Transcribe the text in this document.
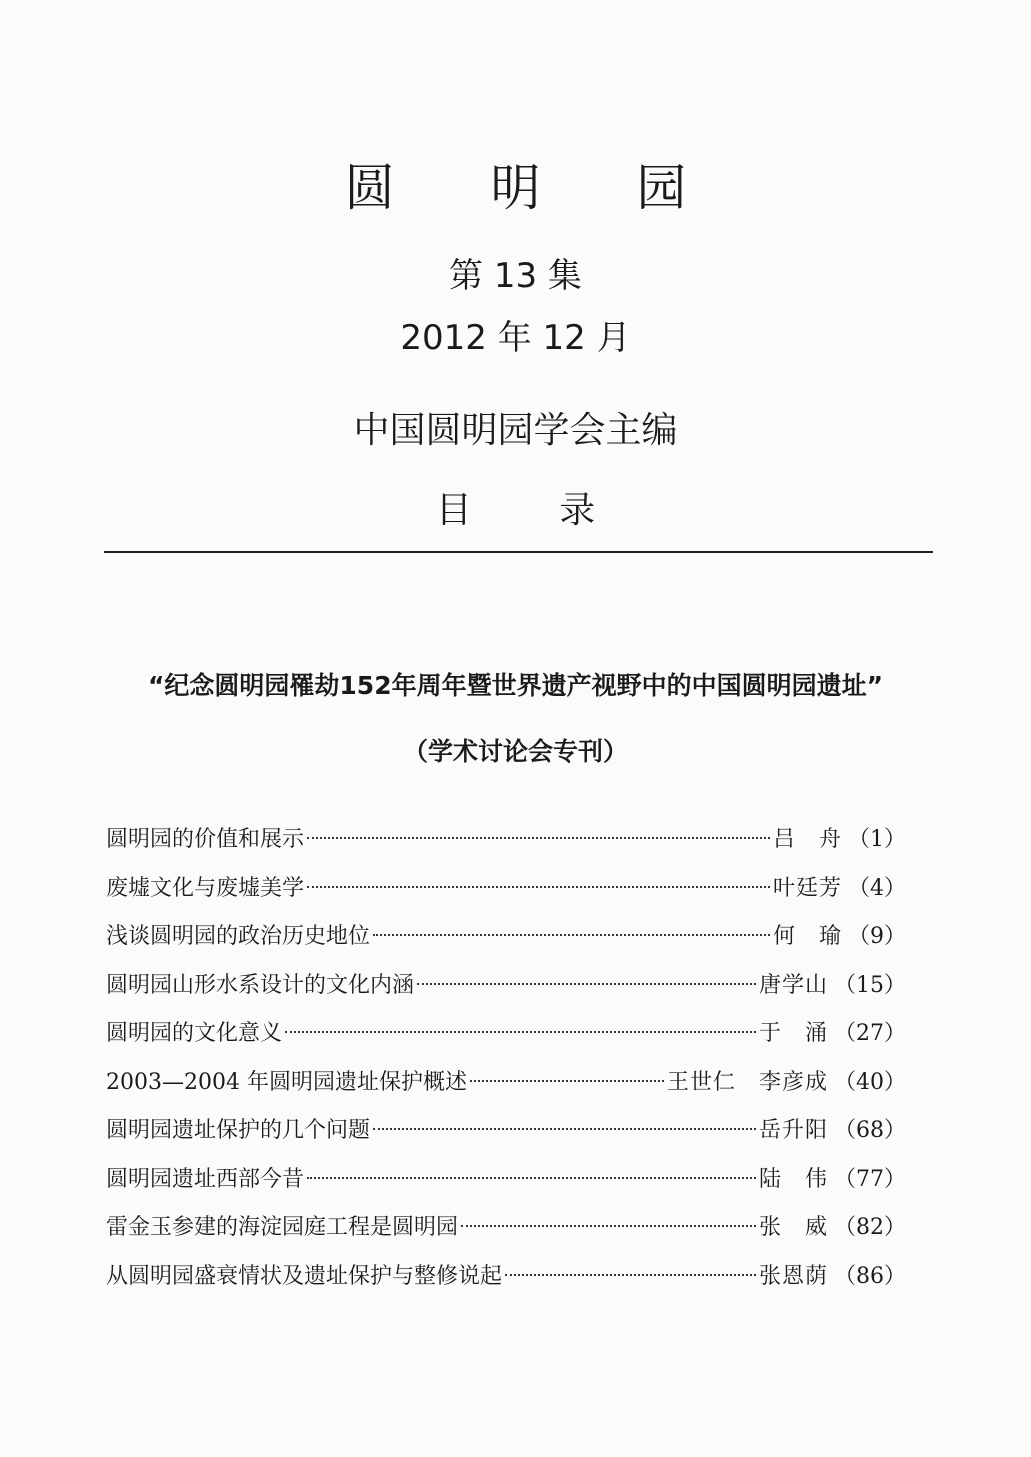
圆 明 园
第 13 集
2012 年 12 月
中国圆明园学会主编
目 录
“纪念圆明园罹劫152年周年暨世界遗产视野中的中国圆明园遗址”
（学术讨论会专刊）
圆明园的价值和展示	吕　舟 （1）
废墟文化与废墟美学	叶廷芳 （4）
浅谈圆明园的政治历史地位	何　瑜 （9）
圆明园山形水系设计的文化内涵	唐学山 （15）
圆明园的文化意义	于　涌 （27）
2003—2004 年圆明园遗址保护概述	王世仁　李彦成 （40）
圆明园遗址保护的几个问题	岳升阳 （68）
圆明园遗址西部今昔	陆　伟 （77）
雷金玉参建的海淀园庭工程是圆明园	张　威 （82）
从圆明园盛衰情状及遗址保护与整修说起	张恩荫 （86）
